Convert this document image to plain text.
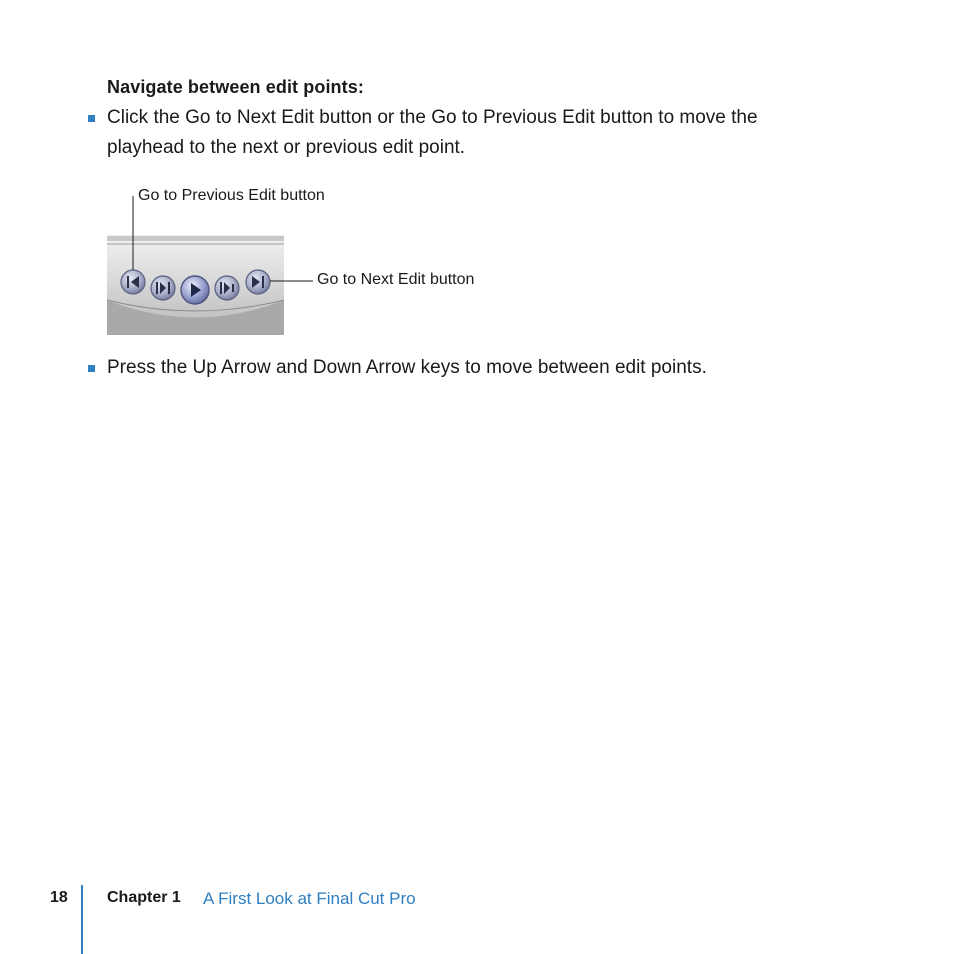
Navigate between edit points:
Click the Go to Next Edit button or the Go to Previous Edit button to move the playhead to the next or previous edit point.
Go to Previous Edit button
Go to Next Edit button
Press the Up Arrow and Down Arrow keys to move between edit points.
18 Chapter 1 A First Look at Final Cut Pro
